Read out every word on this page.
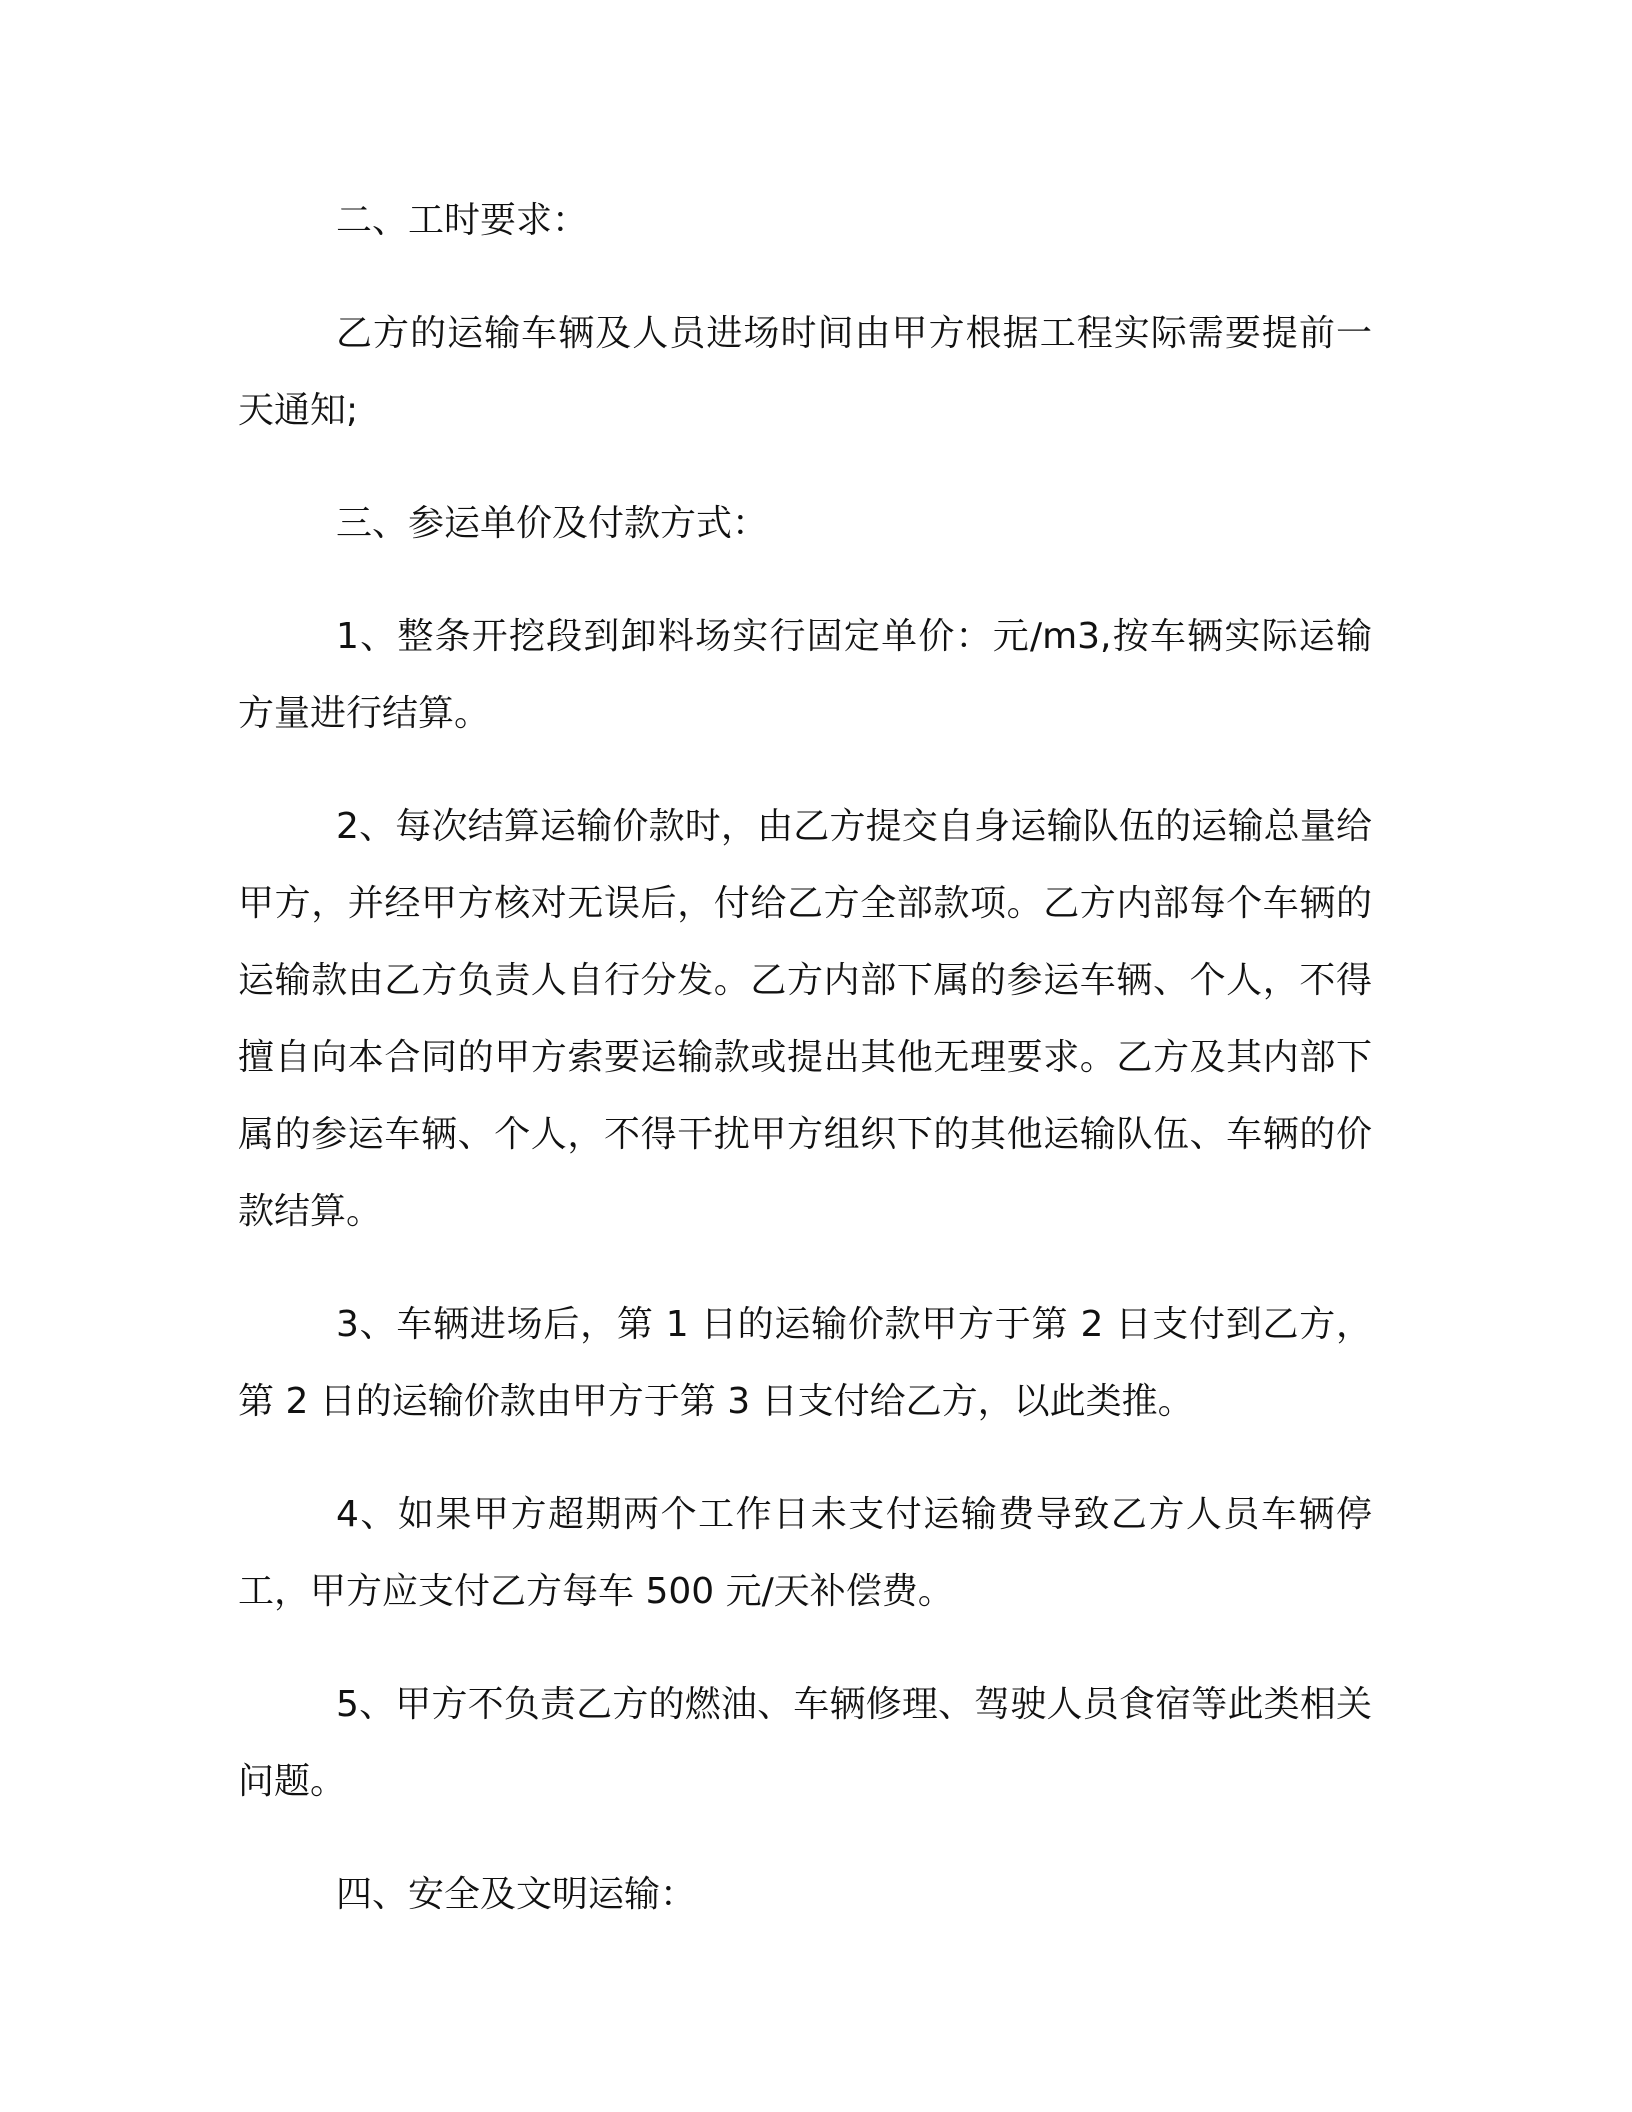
二、工时要求：

乙方的运输车辆及人员进场时间由甲方根据工程实际需要提前一天通知;

三、参运单价及付款方式：

1、整条开挖段到卸料场实行固定单价：元/m3,按车辆实际运输方量进行结算。

2、每次结算运输价款时，由乙方提交自身运输队伍的运输总量给甲方，并经甲方核对无误后，付给乙方全部款项。乙方内部每个车辆的运输款由乙方负责人自行分发。乙方内部下属的参运车辆、个人，不得擅自向本合同的甲方索要运输款或提出其他无理要求。乙方及其内部下属的参运车辆、个人，不得干扰甲方组织下的其他运输队伍、车辆的价款结算。

3、车辆进场后，第 1 日的运输价款甲方于第 2 日支付到乙方，第 2 日的运输价款由甲方于第 3 日支付给乙方，以此类推。

4、如果甲方超期两个工作日未支付运输费导致乙方人员车辆停工，甲方应支付乙方每车 500 元/天补偿费。

5、甲方不负责乙方的燃油、车辆修理、驾驶人员食宿等此类相关问题。

四、安全及文明运输：
